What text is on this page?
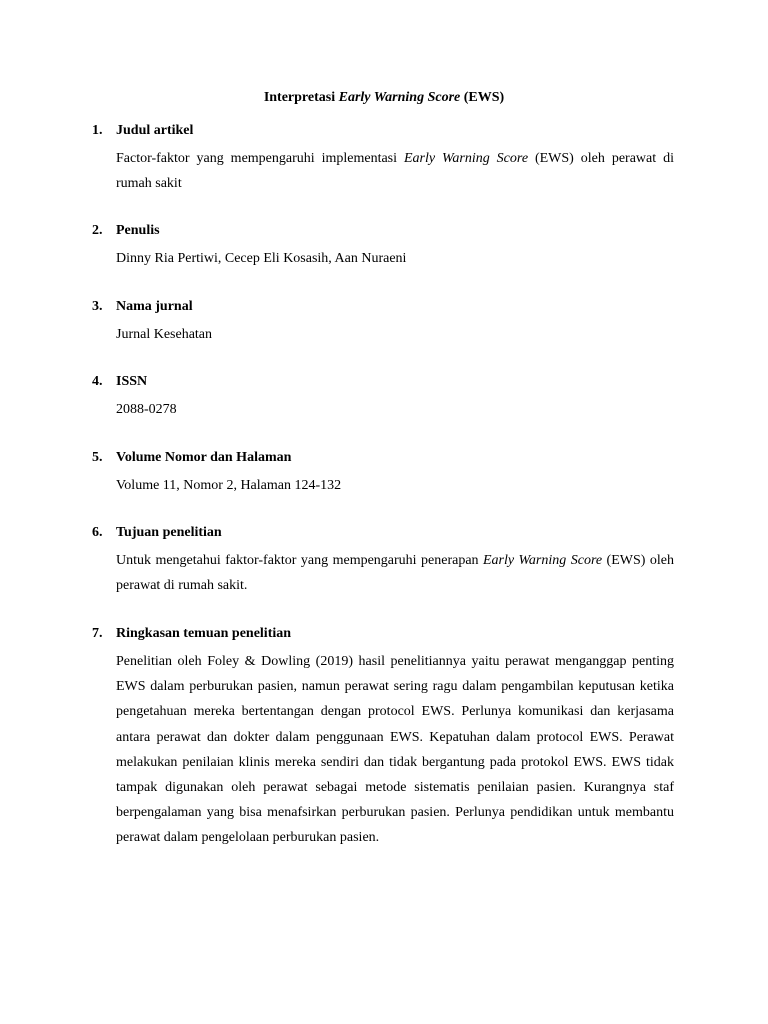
Interpretasi Early Warning Score (EWS)
1. Judul artikel
Factor-faktor yang mempengaruhi implementasi Early Warning Score (EWS) oleh perawat di rumah sakit
2. Penulis
Dinny Ria Pertiwi, Cecep Eli Kosasih, Aan Nuraeni
3. Nama jurnal
Jurnal Kesehatan
4. ISSN
2088-0278
5. Volume Nomor dan Halaman
Volume 11, Nomor 2, Halaman 124-132
6. Tujuan penelitian
Untuk mengetahui faktor-faktor yang mempengaruhi penerapan Early Warning Score (EWS) oleh perawat di rumah sakit.
7. Ringkasan temuan penelitian
Penelitian oleh Foley & Dowling (2019) hasil penelitiannya yaitu perawat menganggap penting EWS dalam perburukan pasien, namun perawat sering ragu dalam pengambilan keputusan ketika pengetahuan mereka bertentangan dengan protocol EWS. Perlunya komunikasi dan kerjasama antara perawat dan dokter dalam penggunaan EWS. Kepatuhan dalam protocol EWS. Perawat melakukan penilaian klinis mereka sendiri dan tidak bergantung pada protokol EWS. EWS tidak tampak digunakan oleh perawat sebagai metode sistematis penilaian pasien. Kurangnya staf berpengalaman yang bisa menafsirkan perburukan pasien. Perlunya pendidikan untuk membantu perawat dalam pengelolaan perburukan pasien.
